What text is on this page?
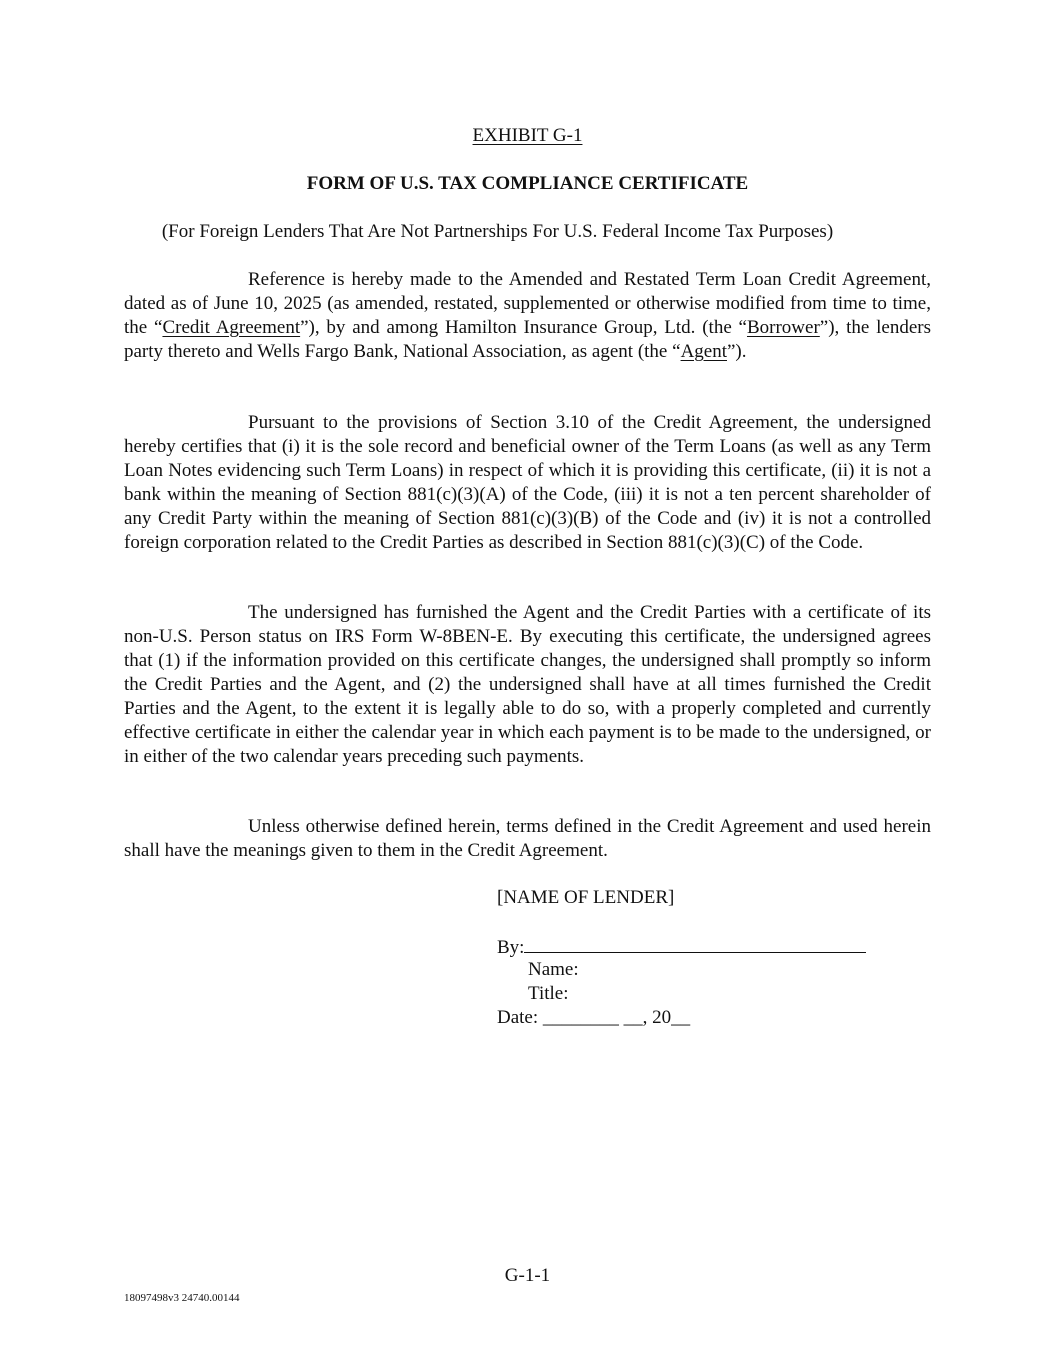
EXHIBIT G-1
FORM OF U.S. TAX COMPLIANCE CERTIFICATE
(For Foreign Lenders That Are Not Partnerships For U.S. Federal Income Tax Purposes)

Reference is hereby made to the Amended and Restated Term Loan Credit Agreement, dated as of June 10, 2025 (as amended, restated, supplemented or otherwise modified from time to time, the “Credit Agreement”), by and among Hamilton Insurance Group, Ltd. (the “Borrower”), the lenders party thereto and Wells Fargo Bank, National Association, as agent (the “Agent”).

Pursuant to the provisions of Section 3.10 of the Credit Agreement, the undersigned hereby certifies that (i) it is the sole record and beneficial owner of the Term Loans (as well as any Term Loan Notes evidencing such Term Loans) in respect of which it is providing this certificate, (ii) it is not a bank within the meaning of Section 881(c)(3)(A) of the Code, (iii) it is not a ten percent shareholder of any Credit Party within the meaning of Section 881(c)(3)(B) of the Code and (iv) it is not a controlled foreign corporation related to the Credit Parties as described in Section 881(c)(3)(C) of the Code.

The undersigned has furnished the Agent and the Credit Parties with a certificate of its non-U.S. Person status on IRS Form W-8BEN-E. By executing this certificate, the undersigned agrees that (1) if the information provided on this certificate changes, the undersigned shall promptly so inform the Credit Parties and the Agent, and (2) the undersigned shall have at all times furnished the Credit Parties and the Agent, to the extent it is legally able to do so, with a properly completed and currently effective certificate in either the calendar year in which each payment is to be made to the undersigned, or in either of the two calendar years preceding such payments.

Unless otherwise defined herein, terms defined in the Credit Agreement and used herein shall have the meanings given to them in the Credit Agreement.

[NAME OF LENDER]
By:
Name:
Title:
Date: ________ __, 20__
G-1-1
18097498v3 24740.00144
